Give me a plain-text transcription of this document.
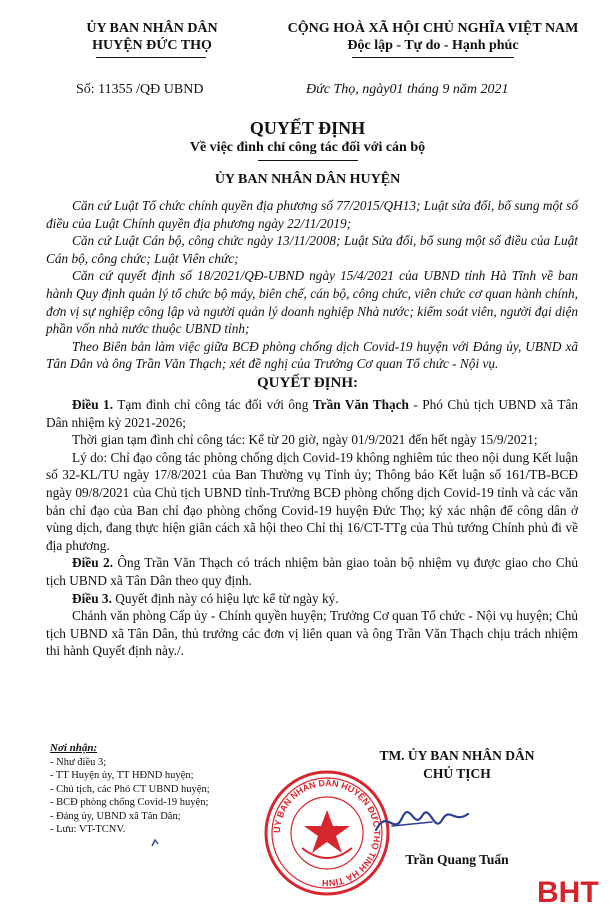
ỦY BAN NHÂN DÂN
HUYỆN ĐỨC THỌ
CỘNG HOÀ XÃ HỘI CHỦ NGHĨA VIỆT NAM
Độc lập - Tự do - Hạnh phúc
Số: 11355 /QĐ UBND	Đức Thọ, ngày01 tháng 9 năm 2021
QUYẾT ĐỊNH
Về việc đình chỉ công tác đối với cán bộ
ỦY BAN NHÂN DÂN HUYỆN

Căn cứ Luật Tổ chức chính quyền địa phương số 77/2015/QH13; Luật sửa đổi, bổ sung một số điều của Luật Chính quyền địa phương ngày 22/11/2019;

Căn cứ Luật Cán bộ, công chức ngày 13/11/2008; Luật Sửa đổi, bổ sung một số điều của Luật Cán bộ, công chức; Luật Viên chức;

Căn cứ quyết định số 18/2021/QĐ-UBND ngày 15/4/2021 của UBND tỉnh Hà Tĩnh về ban hành Quy định quản lý tổ chức bộ máy, biên chế, cán bộ, công chức, viên chức cơ quan hành chính, đơn vị sự nghiệp công lập và người quản lý doanh nghiệp Nhà nước; kiểm soát viên, người đại diện phần vốn nhà nước thuộc UBND tỉnh;

Theo Biên bản làm việc giữa BCĐ phòng chống dịch Covid-19 huyện với Đảng ủy, UBND xã Tân Dân và ông Trần Văn Thạch; xét đề nghị của Trưởng Cơ quan Tổ chức - Nội vụ.

QUYẾT ĐỊNH:

Điều 1. Tạm đình chỉ công tác đối với ông Trần Văn Thạch - Phó Chủ tịch UBND xã Tân Dân nhiệm kỳ 2021-2026;

Thời gian tạm đình chỉ công tác: Kể từ 20 giờ, ngày 01/9/2021 đến hết ngày 15/9/2021;

Lý do: Chỉ đạo công tác phòng chống dịch Covid-19 không nghiêm túc theo nội dung Kết luận số 32-KL/TU ngày 17/8/2021 của Ban Thường vụ Tỉnh ủy; Thông báo Kết luận số 161/TB-BCĐ ngày 09/8/2021 của Chủ tịch UBND tỉnh-Trưởng BCĐ phòng chống dịch Covid-19 tỉnh và các văn bản chỉ đạo của Ban chỉ đạo phòng chống Covid-19 huyện Đức Thọ; ký xác nhận để công dân ở vùng dịch, đang thực hiện giãn cách xã hội theo Chỉ thị 16/CT-TTg của Thủ tướng Chính phủ đi về địa phương.

Điều 2. Ông Trần Văn Thạch có trách nhiệm bàn giao toàn bộ nhiệm vụ được giao cho Chủ tịch UBND xã Tân Dân theo quy định.

Điều 3. Quyết định này có hiệu lực kể từ ngày ký.

Chánh văn phòng Cấp ủy - Chính quyền huyện; Trưởng Cơ quan Tổ chức - Nội vụ huyện; Chủ tịch UBND xã Tân Dân, thủ trưởng các đơn vị liên quan và ông Trần Văn Thạch chịu trách nhiệm thi hành Quyết định này./.

Nơi nhận:
- Như điều 3;
- TT Huyện ủy, TT HĐND huyện;
- Chủ tịch, các Phó CT UBND huyện;
- BCĐ phòng chống Covid-19 huyện;
- Đảng ủy, UBND xã Tân Dân;
- Lưu: VT-TCNV.
TM. ỦY BAN NHÂN DÂN
CHỦ TỊCH
ỦY BAN NHÂN DÂN HUYỆN ĐỨC THỌ TỈNH HÀ TĨNH
Trần Quang Tuấn
BHT
